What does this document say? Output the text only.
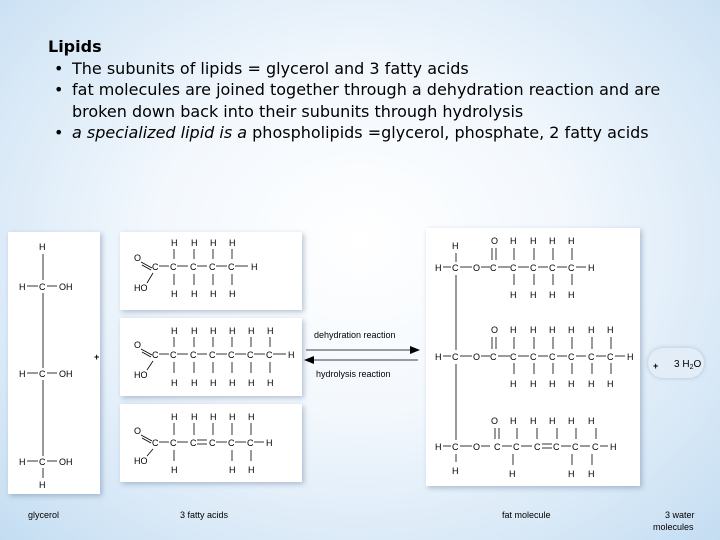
Lipids

• The subunits of lipids = glycerol and 3 fatty acids
• fat molecules are joined together through a dehydration reaction and are broken down back into their subunits through hydrolysis
• a specialized lipid is a phospholipids =glycerol, phosphate, 2 fatty acids
H
H C OH
H C OH
H C OH
H
glycerol
+
O
C C C C C H
HO
H H H H
H H H H
O
C C C C C C C H
HO
H H H H H H
H H H H H H
O
C C C C C C H
HO
H H H H H
H	H H
3 fatty acids
dehydration reaction
hydrolysis reaction
H
H C O C C C C C H
O H H H H
H H H H
H C O C C C C C C C H
O H H H H H H
H H H H H H
H C O C C C C C C H
O H H H H H
H	H	H H
fat molecule
+ 3 $H_2O$
3 water
molecules
